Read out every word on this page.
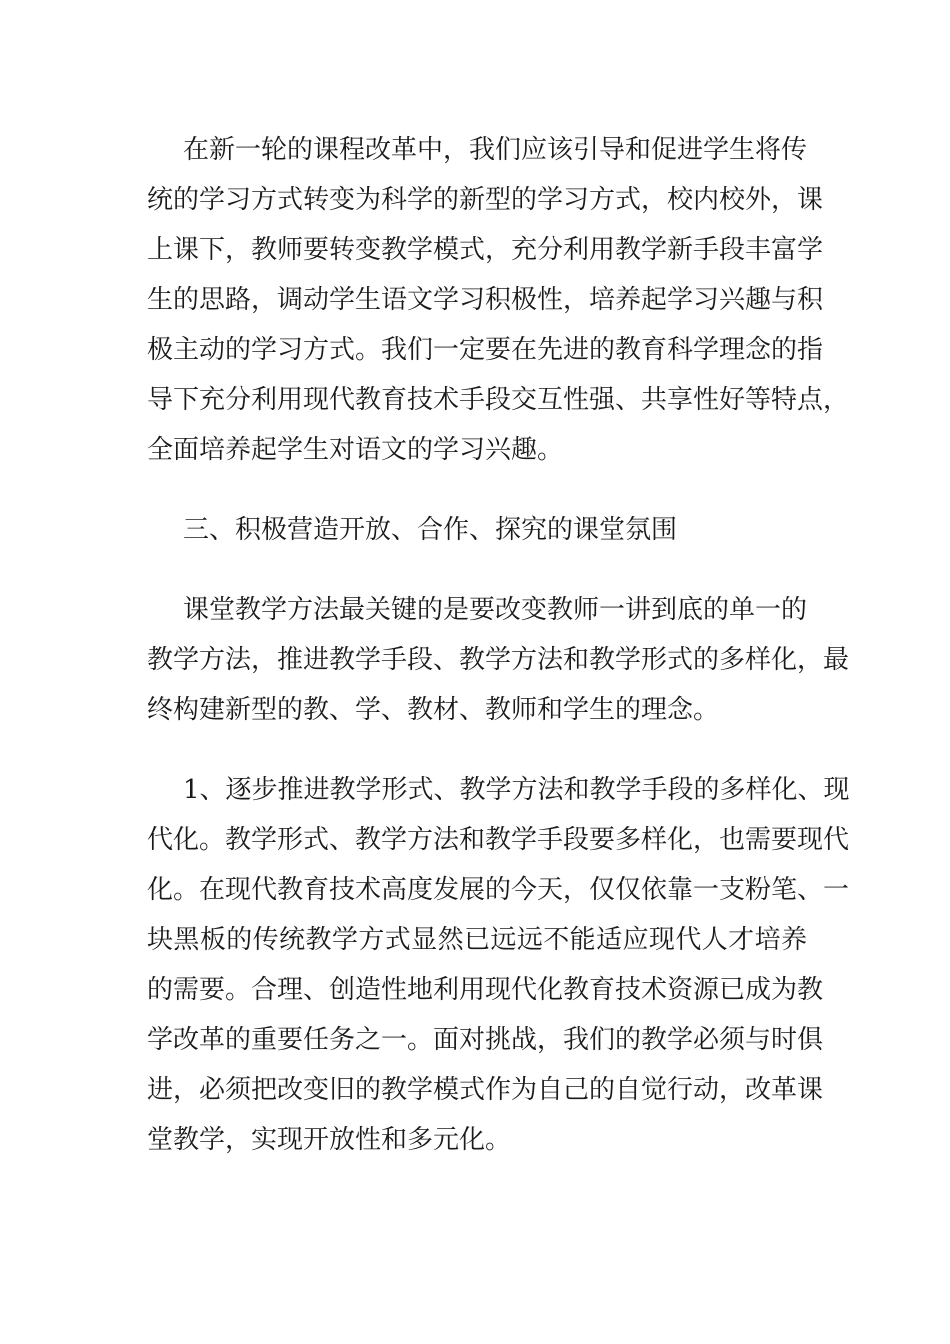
在新一轮的课程改革中，我们应该引导和促进学生将传
统的学习方式转变为科学的新型的学习方式，校内校外，课
上课下，教师要转变教学模式，充分利用教学新手段丰富学
生的思路，调动学生语文学习积极性，培养起学习兴趣与积
极主动的学习方式。我们一定要在先进的教育科学理念的指
导下充分利用现代教育技术手段交互性强、共享性好等特点，
全面培养起学生对语文的学习兴趣。
三、积极营造开放、合作、探究的课堂氛围
课堂教学方法最关键的是要改变教师一讲到底的单一的
教学方法，推进教学手段、教学方法和教学形式的多样化，最
终构建新型的教、学、教材、教师和学生的理念。
1、逐步推进教学形式、教学方法和教学手段的多样化、现
代化。教学形式、教学方法和教学手段要多样化，也需要现代
化。在现代教育技术高度发展的今天，仅仅依靠一支粉笔、一
块黑板的传统教学方式显然已远远不能适应现代人才培养
的需要。合理、创造性地利用现代化教育技术资源已成为教
学改革的重要任务之一。面对挑战，我们的教学必须与时俱
进，必须把改变旧的教学模式作为自己的自觉行动，改革课
堂教学，实现开放性和多元化。
